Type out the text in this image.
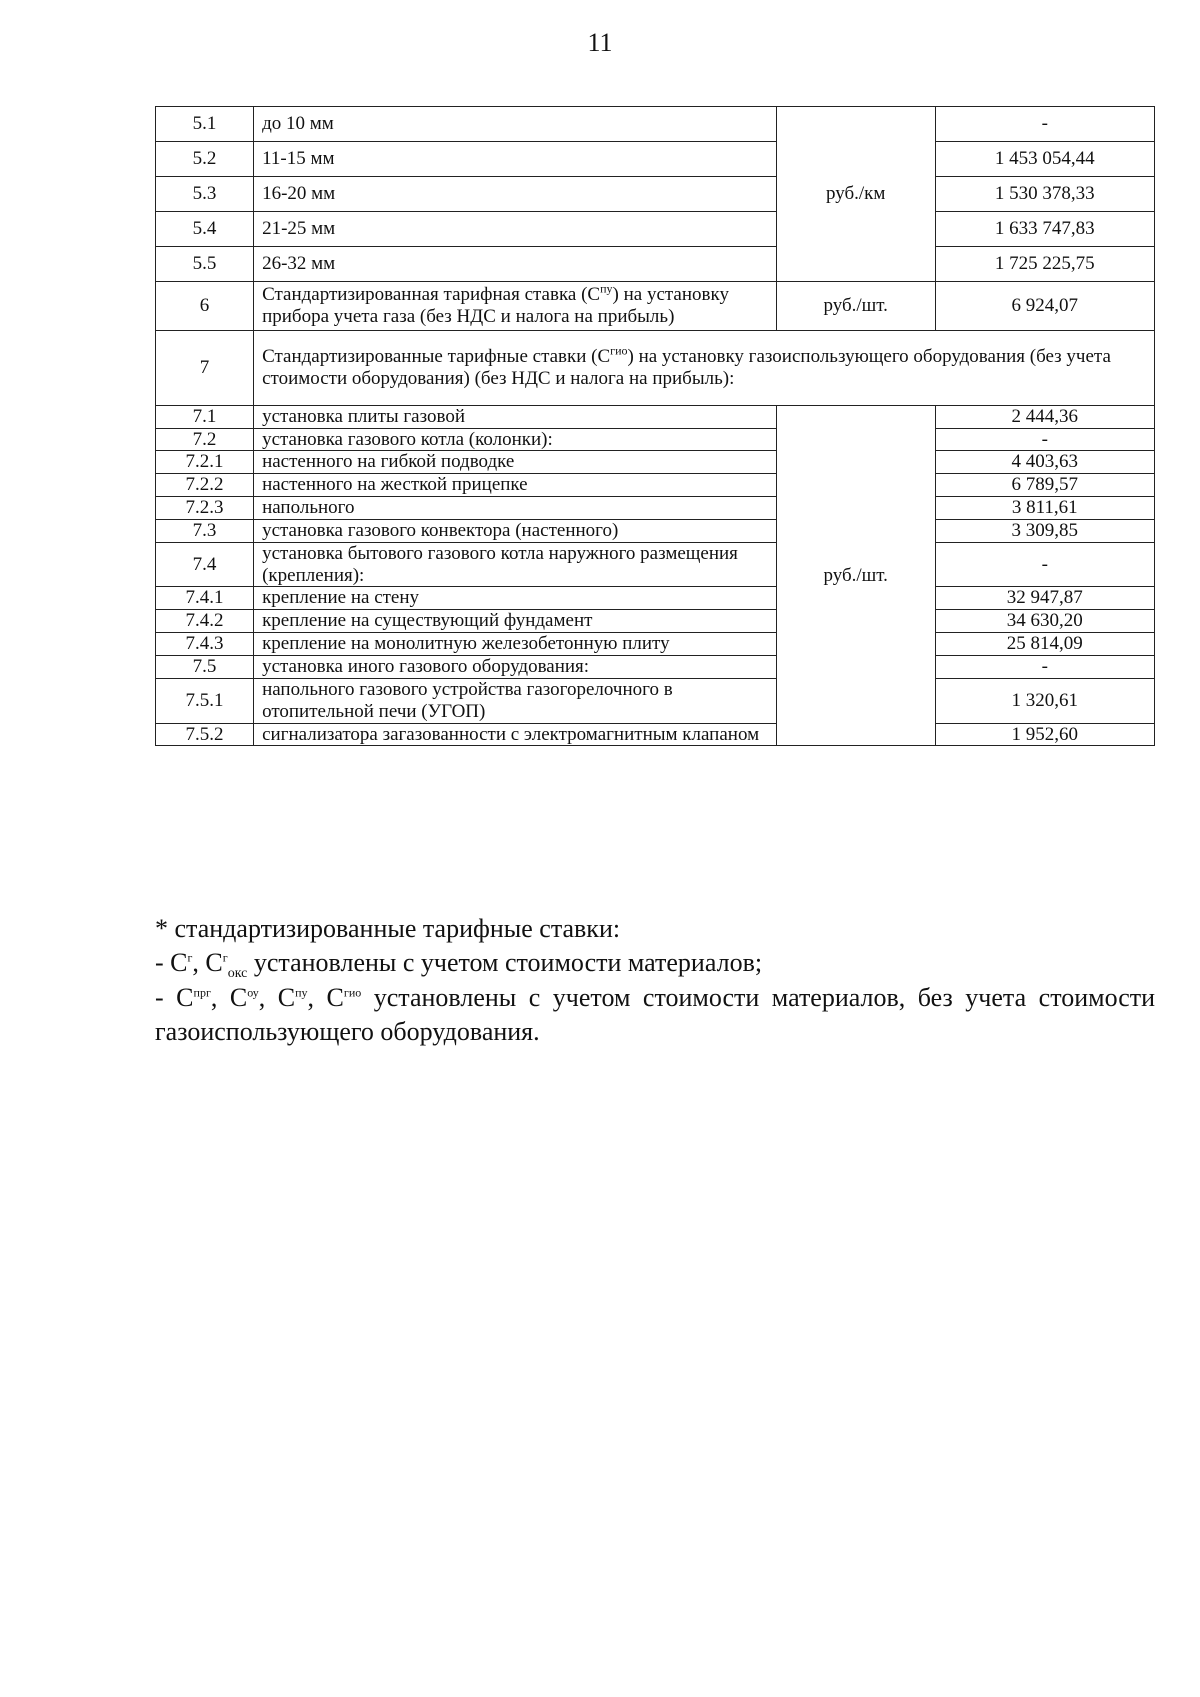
11
5.1	до 10 мм	руб./км	-
5.2	11-15 мм		1 453 054,44
5.3	16-20 мм		1 530 378,33
5.4	21-25 мм		1 633 747,83
5.5	26-32 мм		1 725 225,75
6	Стандартизированная тарифная ставка $(С^{пу})$ на установку прибора учета газа (без НДС и налога на прибыль)	руб./шт.	6 924,07
7	Стандартизированные тарифные ставки $(С^{гио})$ на установку газоиспользующего оборудования (без учета стоимости оборудования) (без НДС и налога на прибыль):		
7.1	установка плиты газовой	руб./шт.	2 444,36
7.2	установка газового котла (колонки):		-
7.2.1	настенного на гибкой подводке		4 403,63
7.2.2	настенного на жесткой прицепке		6 789,57
7.2.3	напольного		3 811,61
7.3	установка газового конвектора (настенного)		3 309,85
7.4	установка бытового газового котла наружного размещения (крепления):		-
7.4.1	крепление на стену		32 947,87
7.4.2	крепление на существующий фундамент		34 630,20
7.4.3	крепление на монолитную железобетонную плиту		25 814,09
7.5	установка иного газового оборудования:		-
7.5.1	напольного газового устройства газогорелочного в отопительной печи (УГОП)		1 320,61
7.5.2	сигнализатора загазованности с электромагнитным клапаном		1 952,60

* стандартизированные тарифные ставки:

- $С^г$, $С^г_{окс}$ установлены с учетом стоимости материалов;

- $С^{прг}$, $С^{оу}$, $С^{пу}$, $С^{гио}$ установлены с учетом стоимости материалов, без учета стоимости газоиспользующего оборудования.
